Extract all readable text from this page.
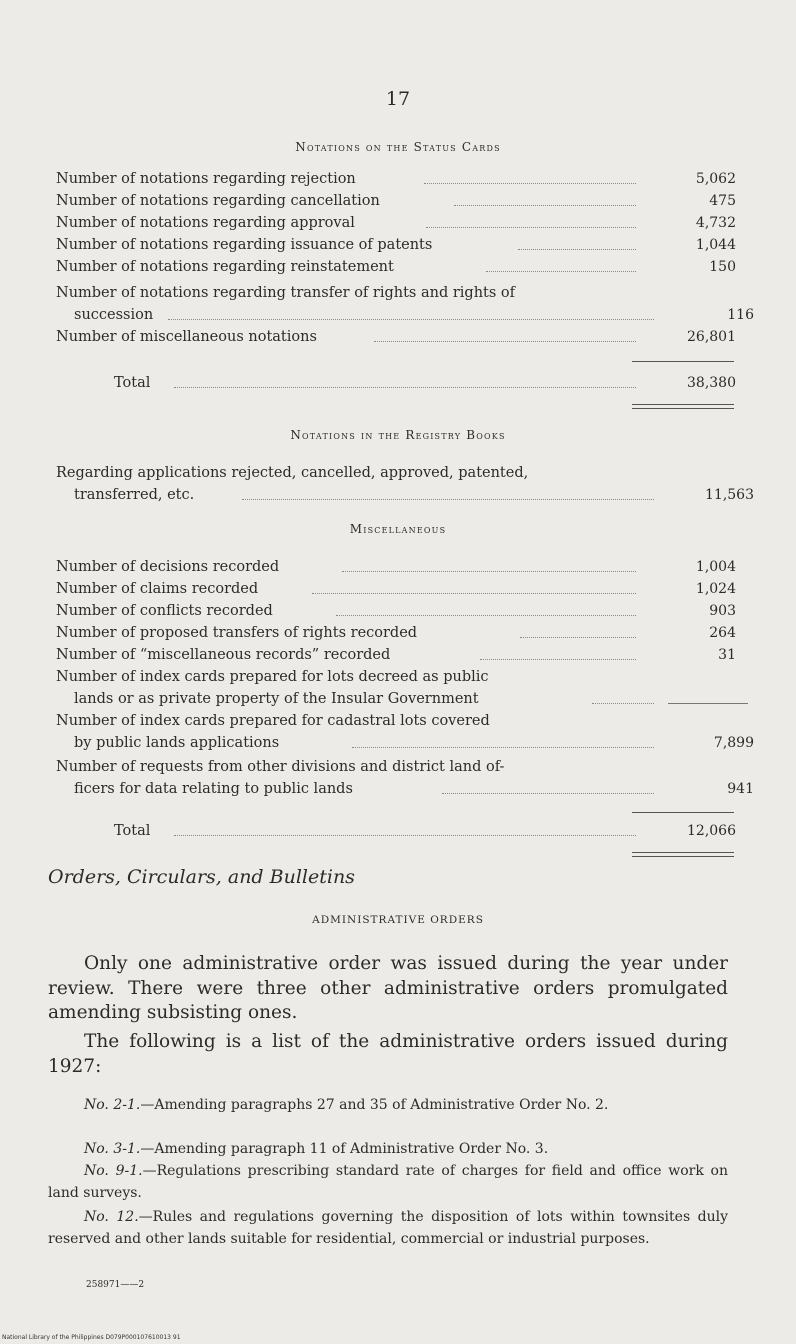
17
Notations on the Status Cards
Number of notations regarding rejection	5,062
Number of notations regarding cancellation	475
Number of notations regarding approval	4,732
Number of notations regarding issuance of patents	1,044
Number of notations regarding reinstatement	150
Number of notations regarding transfer of rights and rights of
succession	116
Number of miscellaneous notations	26,801
Total	38,380
Notations in the Registry Books
Regarding applications rejected, cancelled, approved, patented,
transferred, etc.	11,563
Miscellaneous
Number of decisions recorded	1,004
Number of claims recorded	1,024
Number of conflicts recorded	903
Number of proposed transfers of rights recorded	264
Number of “miscellaneous records” recorded	31
Number of index cards prepared for lots decreed as public
lands or as private property of the Insular Government
Number of index cards prepared for cadastral lots covered
by public lands applications	7,899
Number of requests from other divisions and district land of-
ficers for data relating to public lands	941
Total	12,066
Orders, Circulars, and Bulletins
ADMINISTRATIVE ORDERS
Only one administrative order was issued during the year under review. There were three other administrative orders promulgated amending subsisting ones.
The following is a list of the administrative orders issued during 1927:
No. 2-1.—Amending paragraphs 27 and 35 of Administrative Order No. 2.
No. 3-1.—Amending paragraph 11 of Administrative Order No. 3.
No. 9-1.—Regulations prescribing standard rate of charges for field and office work on land surveys.
No. 12.—Rules and regulations governing the disposition of lots within townsites duly reserved and other lands suitable for residential, commercial or industrial purposes.
258971——2
National Library of the Philippines D079P000107610013 91
